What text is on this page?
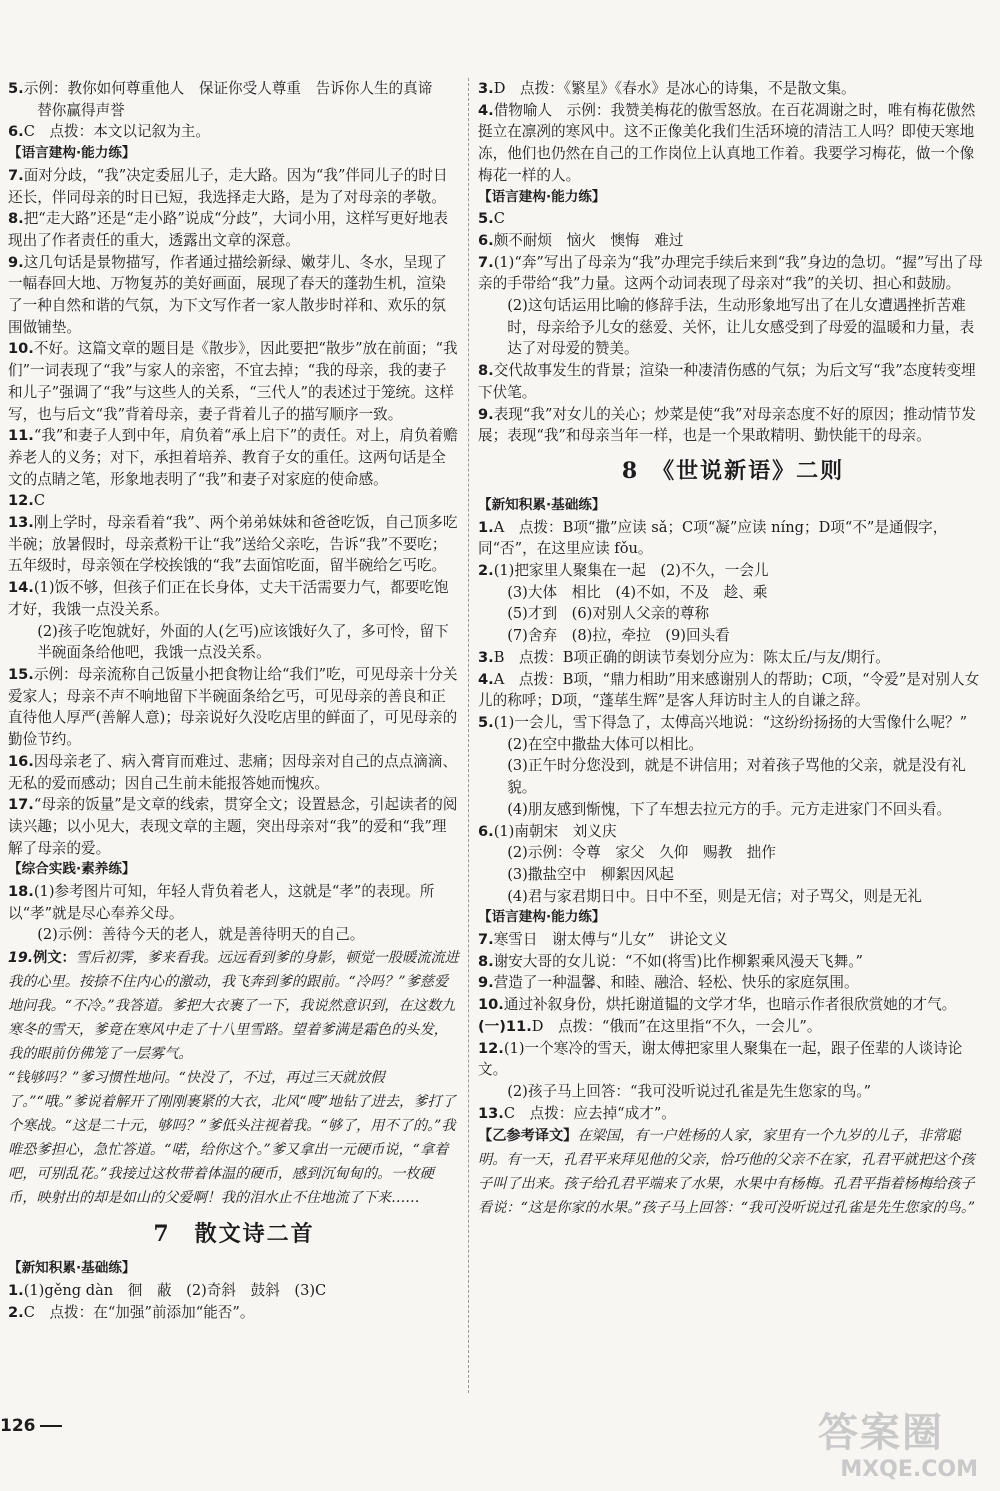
5.示例：教你如何尊重他人　保证你受人尊重　告诉你人生的真谛

替你赢得声誉

6.C　点拨：本文以记叙为主。

【语言建构·能力练】

7.面对分歧，“我”决定委屈儿子，走大路。因为“我”伴同儿子的时日还长，伴同母亲的时日已短，我选择走大路，是为了对母亲的孝敬。

8.把“走大路”还是“走小路”说成“分歧”，大词小用，这样写更好地表现出了作者责任的重大，透露出文章的深意。

9.这几句话是景物描写，作者通过描绘新绿、嫩芽儿、冬水，呈现了一幅春回大地、万物复苏的美好画面，展现了春天的蓬勃生机，渲染了一种自然和谐的气氛，为下文写作者一家人散步时祥和、欢乐的氛围做铺垫。

10.不好。这篇文章的题目是《散步》，因此要把“散步”放在前面；“我们”一词表现了“我”与家人的亲密，不宜去掉；“我的母亲，我的妻子和儿子”强调了“我”与这些人的关系，“三代人”的表述过于笼统。这样写，也与后文“我”背着母亲，妻子背着儿子的描写顺序一致。

11.“我”和妻子人到中年，肩负着“承上启下”的责任。对上，肩负着赡养老人的义务；对下，承担着培养、教育子女的重任。这两句话是全文的点睛之笔，形象地表明了“我”和妻子对家庭的使命感。

12.C

13.刚上学时，母亲看着“我”、两个弟弟妹妹和爸爸吃饭，自己顶多吃半碗；放暑假时，母亲煮粉干让“我”送给父亲吃，告诉“我”不要吃；五年级时，母亲领在学校挨饿的“我”去面馆吃面，留半碗给乞丐吃。

14.(1)饭不够，但孩子们正在长身体，丈夫干活需要力气，都要吃饱才好，我饿一点没关系。

(2)孩子吃饱就好，外面的人(乞丐)应该饿好久了，多可怜，留下半碗面条给他吧，我饿一点没关系。

15.示例：母亲流称自己饭量小把食物让给“我们”吃，可见母亲十分关爱家人；母亲不声不响地留下半碗面条给乞丐，可见母亲的善良和正直待他人厚严(善解人意)；母亲说好久没吃店里的鲜面了，可见母亲的勤俭节约。

16.因母亲老了、病入膏肓而难过、悲痛；因母亲对自己的点点滴滴、无私的爱而感动；因自己生前未能报答她而愧疚。

17.“母亲的饭量”是文章的线索，贯穿全文；设置悬念，引起读者的阅读兴趣；以小见大，表现文章的主题，突出母亲对“我”的爱和“我”理解了母亲的爱。

【综合实践·素养练】

18.(1)参考图片可知，年轻人背负着老人，这就是“孝”的表现。所以“孝”就是尽心奉养父母。

(2)示例：善待今天的老人，就是善待明天的自己。

19.例文：雪后初霁，爹来看我。远远看到爹的身影，顿觉一股暖流流进我的心里。按捺不住内心的激动，我飞奔到爹的跟前。“冷吗？”爹慈爱地问我。“不冷。”我答道。爹把大衣裹了一下，我说然意识到，在这数九寒冬的雪天，爹竟在寒风中走了十八里雪路。望着爹满是霜色的头发，我的眼前仿佛笼了一层雾气。

“钱够吗？”爹习惯性地问。“快没了，不过，再过三天就放假了。”“哦。”爹说着解开了刚刚裹紧的大衣，北风“嗖”地钻了进去，爹打了个寒战。“这是二十元，够吗？”爹低头注视着我。“够了，用不了的。”我唯恐爹担心，急忙答道。“喏，给你这个。”爹又拿出一元硬币说，“拿着吧，可别乱花。”我接过这枚带着体温的硬币，感到沉甸甸的。一枚硬币，映射出的却是如山的父爱啊！我的泪水止不住地流了下来……

7　散文诗二首

【新知积累·基础练】

1.(1)gěng dàn　徊　蔽　(2)奇斜　鼓斜　(3)C

2.C　点拨：在“加强”前添加“能否”。

3.D　点拨：《繁星》《春水》是冰心的诗集，不是散文集。

4.借物喻人　示例：我赞美梅花的傲雪怒放。在百花凋谢之时，唯有梅花傲然挺立在凛冽的寒风中。这不正像美化我们生活环境的清洁工人吗？即使天寒地冻，他们也仍然在自己的工作岗位上认真地工作着。我要学习梅花，做一个像梅花一样的人。

【语言建构·能力练】

5.C

6.颇不耐烦　恼火　懊悔　难过

7.(1)“奔”写出了母亲为“我”办理完手续后来到“我”身边的急切。“握”写出了母亲的手带给“我”力量。这两个动词表现了母亲对“我”的关切、担心和鼓励。

(2)这句话运用比喻的修辞手法，生动形象地写出了在儿女遭遇挫折苦难时，母亲给予儿女的慈爱、关怀，让儿女感受到了母爱的温暖和力量，表达了对母爱的赞美。

8.交代故事发生的背景；渲染一种凄清伤感的气氛；为后文写“我”态度转变埋下伏笔。

9.表现“我”对女儿的关心；炒菜是使“我”对母亲态度不好的原因；推动情节发展；表现“我”和母亲当年一样，也是一个果敢精明、勤快能干的母亲。

8　《世说新语》二则

【新知积累·基础练】

1.A　点拨：B项“撒”应读 sǎ；C项“凝”应读 níng；D项“不”是通假字，同“否”，在这里应读 fǒu。

2.(1)把家里人聚集在一起　(2)不久，一会儿

(3)大体　相比　(4)不如，不及　趁、乘

(5)才到　(6)对别人父亲的尊称

(7)舍弃　(8)拉，牵拉　(9)回头看

3.B　点拨：B项正确的朗读节奏划分应为：陈太丘/与友/期行。

4.A　点拨：B项，“鼎力相助”用来感谢别人的帮助；C项，“令爱”是对别人女儿的称呼；D项，“蓬荜生辉”是客人拜访时主人的自谦之辞。

5.(1)一会儿，雪下得急了，太傅高兴地说：“这纷纷扬扬的大雪像什么呢？”

(2)在空中撒盐大体可以相比。

(3)正午时分您没到，就是不讲信用；对着孩子骂他的父亲，就是没有礼貌。

(4)朋友感到惭愧，下了车想去拉元方的手。元方走进家门不回头看。

6.(1)南朝宋　刘义庆

(2)示例：令尊　家父　久仰　赐教　拙作

(3)撒盐空中　柳絮因风起

(4)君与家君期日中。日中不至，则是无信；对子骂父，则是无礼

【语言建构·能力练】

7.寒雪日　谢太傅与“儿女”　讲论文义

8.谢安大哥的女儿说：“不如(将雪)比作柳絮乘风漫天飞舞。”

9.营造了一种温馨、和睦、融洽、轻松、快乐的家庭氛围。

10.通过补叙身份，烘托谢道韫的文学才华，也暗示作者很欣赏她的才气。

(一)11.D　点拨：“俄而”在这里指“不久，一会儿”。

12.(1)一个寒冷的雪天，谢太傅把家里人聚集在一起，跟子侄辈的人谈诗论文。

(2)孩子马上回答：“我可没听说过孔雀是先生您家的鸟。”

13.C　点拨：应去掉“成才”。

【乙参考译文】在梁国，有一户姓杨的人家，家里有一个九岁的儿子，非常聪明。有一天，孔君平来拜见他的父亲，恰巧他的父亲不在家，孔君平就把这个孩子叫了出来。孩子给孔君平端来了水果，水果中有杨梅。孔君平指着杨梅给孩子看说：“这是你家的水果。”孩子马上回答：“我可没听说过孔雀是先生您家的鸟。”

126	答案圈
MXQE.COM
